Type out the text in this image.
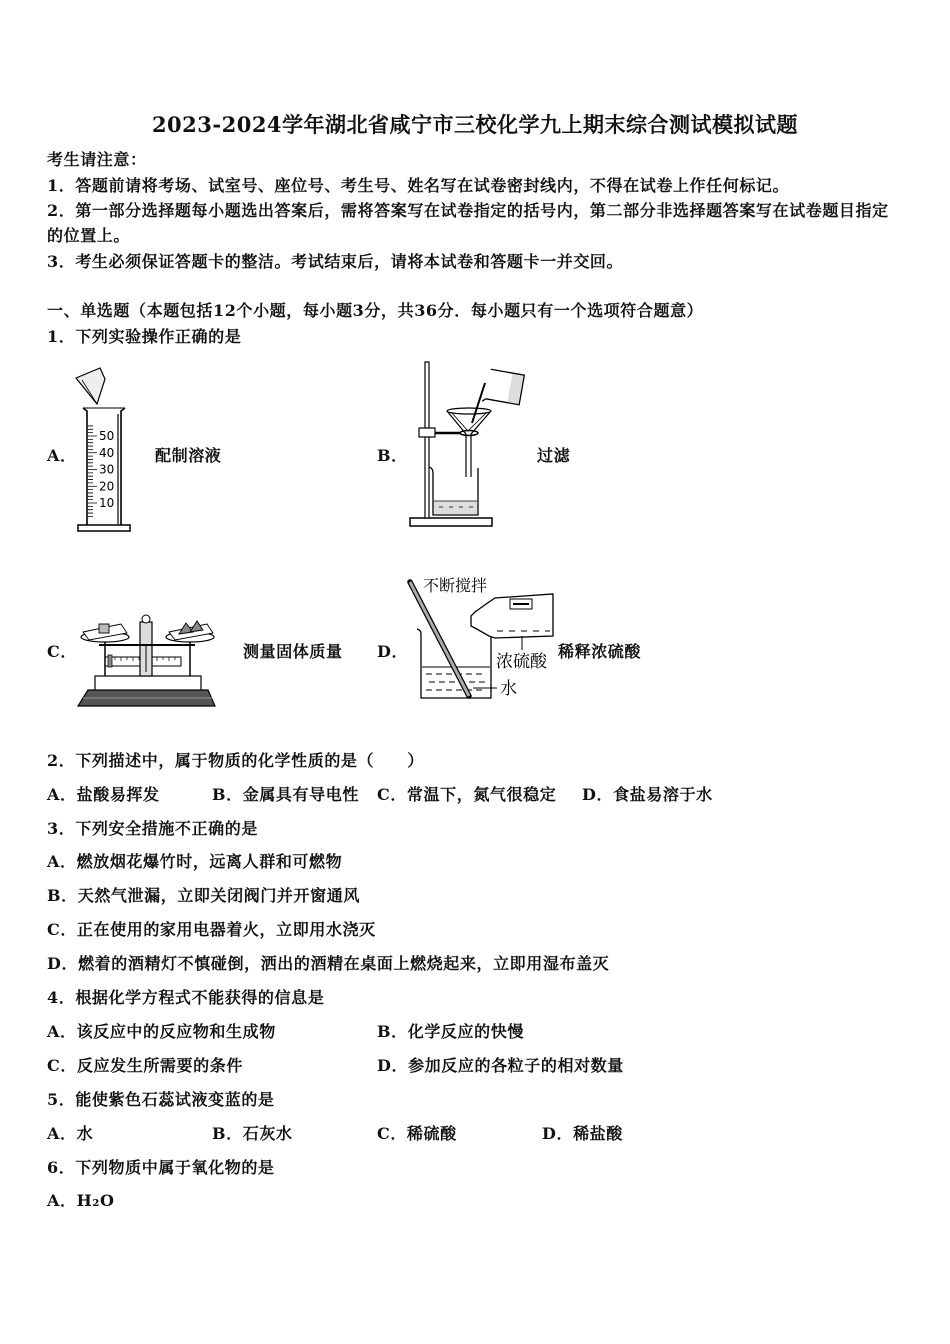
2023-2024学年湖北省咸宁市三校化学九上期末综合测试模拟试题
考生请注意：
1．答题前请将考场、试室号、座位号、考生号、姓名写在试卷密封线内，不得在试卷上作任何标记。
2．第一部分选择题每小题选出答案后，需将答案写在试卷指定的括号内，第二部分非选择题答案写在试卷题目指定
的位置上。
3．考生必须保证答题卡的整洁。考试结束后，请将本试卷和答题卡一并交回。
一、单选题（本题包括12个小题，每小题3分，共36分．每小题只有一个选项符合题意）
1．下列实验操作正确的是
A．
50
40
30
20
10
配制溶液	B．	过滤
C．	测量固体质量 D．
不断搅拌
浓硫酸
水
稀释浓硫酸
2．下列描述中，属于物质的化学性质的是（　　）
A．盐酸易挥发	B．金属具有导电性 C．常温下，氮气很稳定 D．食盐易溶于水
3．下列安全措施不正确的是
A．燃放烟花爆竹时，远离人群和可燃物
B．天然气泄漏，立即关闭阀门并开窗通风
C．正在使用的家用电器着火，立即用水浇灭
D．燃着的酒精灯不慎碰倒，洒出的酒精在桌面上燃烧起来，立即用湿布盖灭
4．根据化学方程式不能获得的信息是
A．该反应中的反应物和生成物	B．化学反应的快慢
C．反应发生所需要的条件	D．参加反应的各粒子的相对数量
5．能使紫色石蕊试液变蓝的是
A．水	B．石灰水	C．稀硫酸	D．稀盐酸
6．下列物质中属于氧化物的是
A．H₂O
